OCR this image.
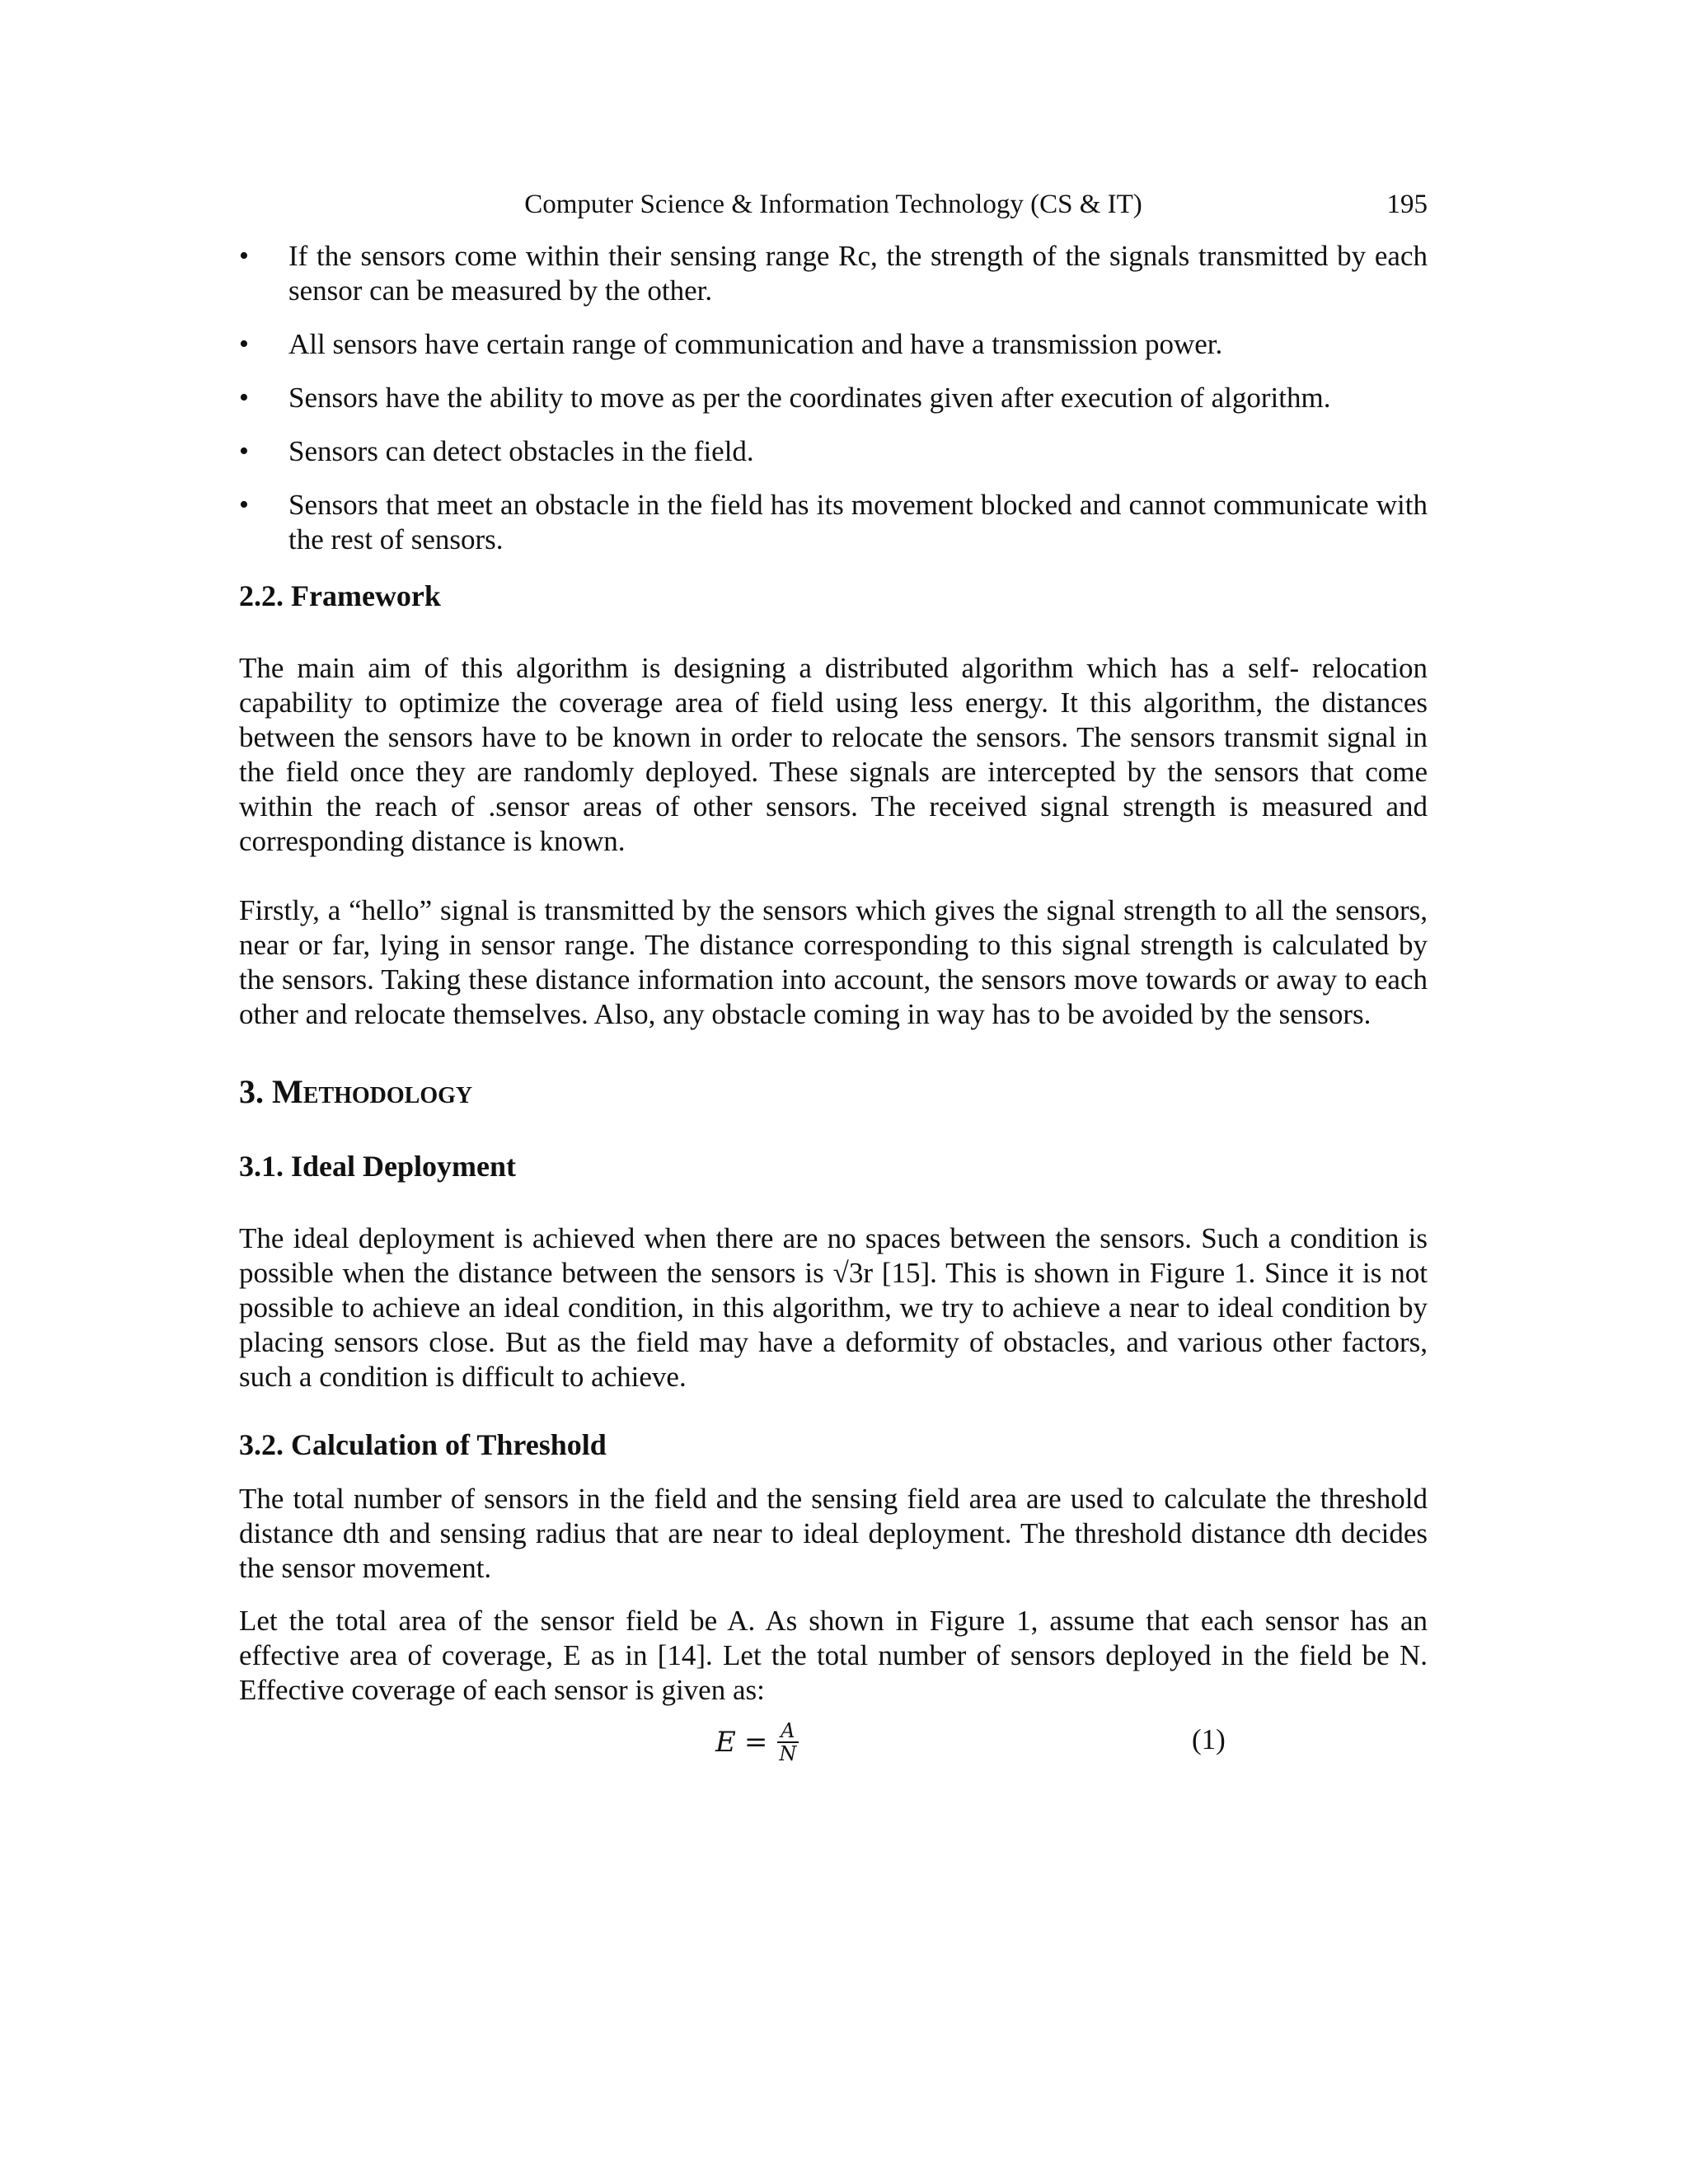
Computer Science & Information Technology (CS & IT)	195
•	If the sensors come within their sensing range Rc, the strength of the signals transmitted by each sensor can be measured by the other.
•	All sensors have certain range of communication and have a transmission power.
•	Sensors have the ability to move as per the coordinates given after execution of algorithm.
•	Sensors can detect obstacles in the field.
•	Sensors that meet an obstacle in the field has its movement blocked and cannot communicate with the rest of sensors.
2.2. Framework

The main aim of this algorithm is designing a distributed algorithm which has a self- relocation capability to optimize the coverage area of field using less energy. It this algorithm, the distances between the sensors have to be known in order to relocate the sensors. The sensors transmit signal in the field once they are randomly deployed. These signals are intercepted by the sensors that come within the reach of .sensor areas of other sensors. The received signal strength is measured and corresponding distance is known.

Firstly, a “hello” signal is transmitted by the sensors which gives the signal strength to all the sensors, near or far, lying in sensor range. The distance corresponding to this signal strength is calculated by the sensors. Taking these distance information into account, the sensors move towards or away to each other and relocate themselves. Also, any obstacle coming in way has to be avoided by the sensors.

3. Methodology
3.1. Ideal Deployment

The ideal deployment is achieved when there are no spaces between the sensors. Such a condition is possible when the distance between the sensors is √3r [15]. This is shown in Figure 1. Since it is not possible to achieve an ideal condition, in this algorithm, we try to achieve a near to ideal condition by placing sensors close. But as the field may have a deformity of obstacles, and various other factors, such a condition is difficult to achieve.

3.2. Calculation of Threshold

The total number of sensors in the field and the sensing field area are used to calculate the threshold distance dth and sensing radius that are near to ideal deployment. The threshold distance dth decides the sensor movement.

Let the total area of the sensor field be A. As shown in Figure 1, assume that each sensor has an effective area of coverage, E as in [14]. Let the total number of sensors deployed in the field be N. Effective coverage of each sensor is given as:

$E = \frac{A}{N}$	(1)
